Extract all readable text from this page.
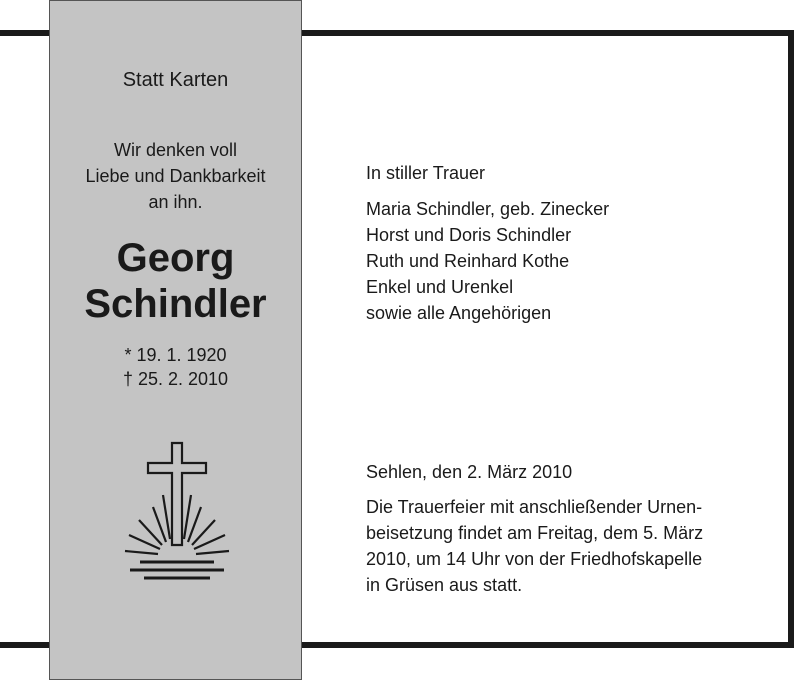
Statt Karten
Wir denken voll
Liebe und Dankbarkeit
an ihn.
Georg
Schindler
* 19. 1. 1920
† 25. 2. 2010
In stiller Trauer
Maria Schindler, geb. Zinecker
Horst und Doris Schindler
Ruth und Reinhard Kothe
Enkel und Urenkel
sowie alle Angehörigen
Sehlen, den 2. März 2010
Die Trauerfeier mit anschließender Urnen-
beisetzung findet am Freitag, dem 5. März
2010, um 14 Uhr von der Friedhofskapelle
in Grüsen aus statt.
